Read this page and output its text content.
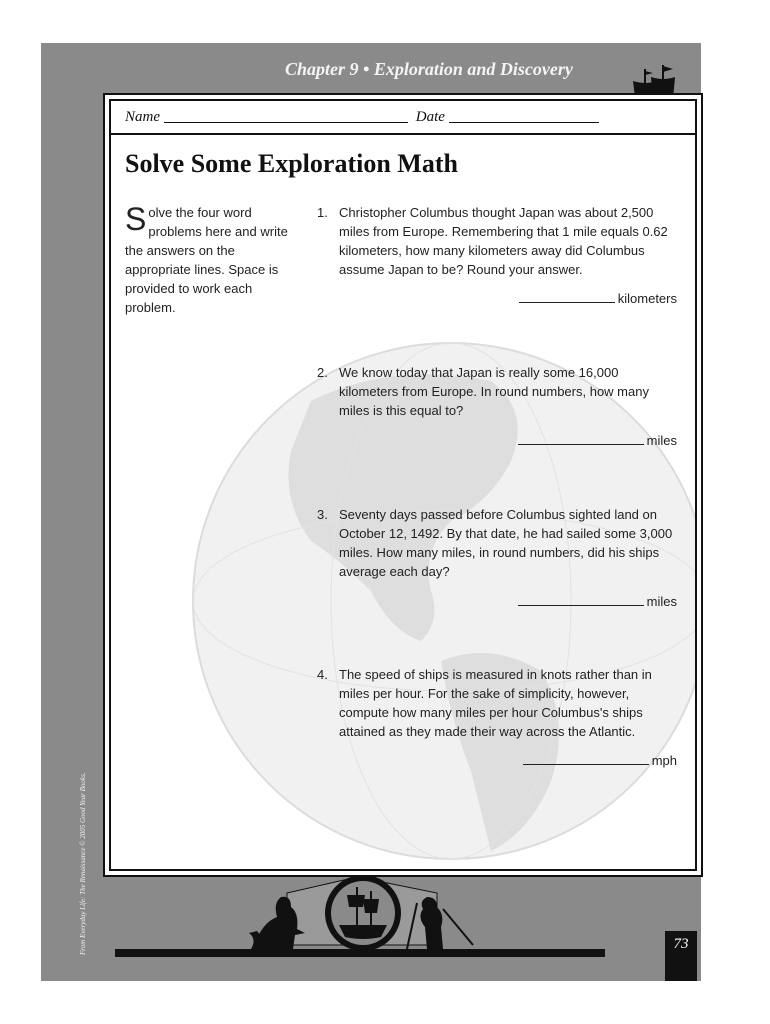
Chapter 9 • Exploration and Discovery
Name	Date
Solve Some Exploration Math
Solve the four word problems here and write the answers on the appropriate lines. Space is provided to work each problem.
1. Christopher Columbus thought Japan was about 2,500 miles from Europe. Remembering that 1 mile equals 0.62 kilometers, how many kilometers away did Columbus assume Japan to be? Round your answer.
kilometers
2. We know today that Japan is really some 16,000 kilometers from Europe. In round numbers, how many miles is this equal to?
miles
3. Seventy days passed before Columbus sighted land on October 12, 1492. By that date, he had sailed some 3,000 miles. How many miles, in round numbers, did his ships average each day?
miles
4. The speed of ships is measured in knots rather than in miles per hour. For the sake of simplicity, however, compute how many miles per hour Columbus's ships attained as they made their way across the Atlantic.
mph
From Everyday Life: The Renaissance © 2005 Good Year Books.	73
